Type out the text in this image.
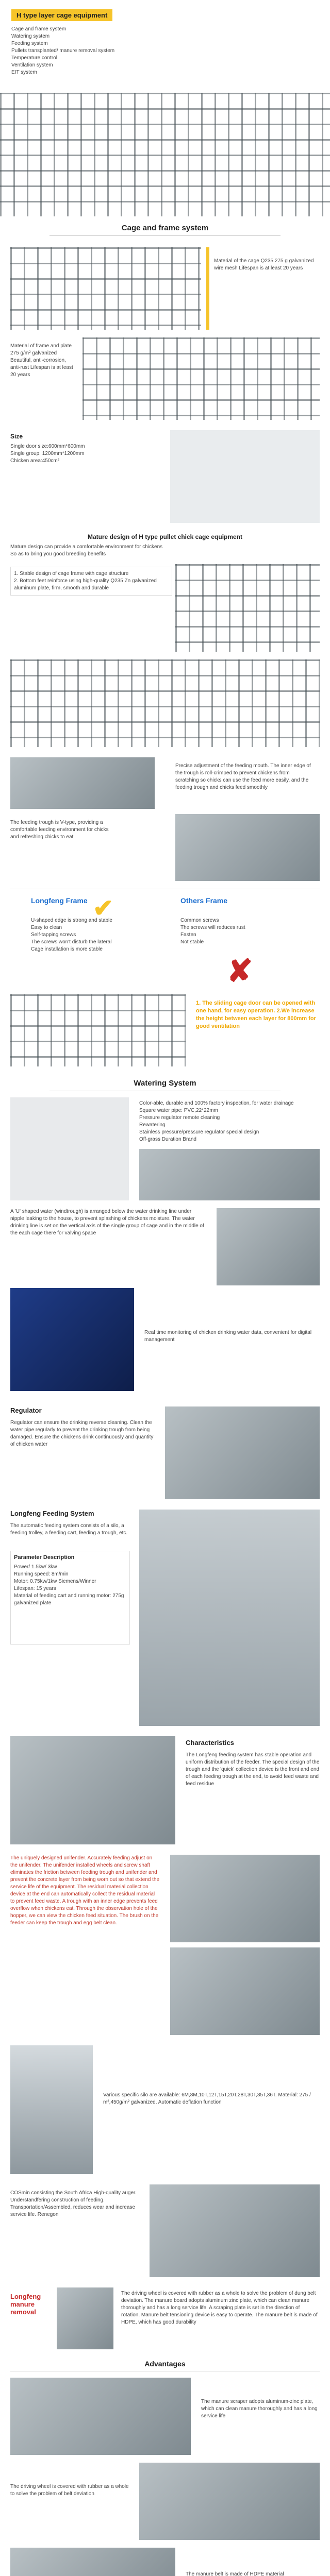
H type layer cage equipment
Cage and frame system
Watering system
Feeding system
Pullets transplanted/ manure removal system
Temperature control
Ventilation system
EIT system
Cage and frame system
Material of the cage Q235 275 g galvanized wire mesh Lifespan is at least 20 years
Material of frame and plate 275 g/m² galvanized Beautiful, anti-corrosion, anti-rust Lifespan is at least 20 years
Size
Single door size:600mm*600mm
Single group: 1200mm*1200mm
Chicken area:450cm²
Mature design of H type pullet chick cage equipment
Mature design can provide a comfortable environment for chickens
So as to bring you good breeding benefits
1. Stable design of cage frame with cage structure
2. Bottom feet reinforce using high-quality Q235 Zn galvanized aluminum plate, firm, smooth and durable
Precise adjustment of the feeding mouth. The inner edge of the trough is roll-crimped to prevent chickens from scratching so chicks can use the feed more easily, and the feeding trough and chicks feed smoothly
The feeding trough is V-type, providing a comfortable feeding environment for chicks and refreshing chicks to eat
Longfeng Frame ✔
U-shaped edge is strong and stable
Easy to clean
Self-tapping screws
The screws won't disturb the lateral
Cage installation is more stable
Others Frame
Common screws
The screws will reduces rust
Fasten
Not stable
✘
1. The sliding cage door can be opened with one hand, for easy operation. 2.We increase the height between each layer for 800mm for good ventilation
Watering System
Color-able, durable and 100% factory inspection, for water drainage
Square water pipe: PVC,22*22mm
Pressure regulator remote cleaning
Rewatering
Stainless pressure/pressure regulator special design
Off-grass Duration Brand
A 'U' shaped water (windtrough) is arranged below the water drinking line under nipple leaking to the house, to prevent splashing of chickens moisture. The water drinking line is set on the vertical axis of the single group of cage and in the middle of the each cage there for valving space
Real time monitoring of chicken drinking water data, convenient for digital management
Regulator
Regulator can ensure the drinking reverse cleaning. Clean the water pipe regularly to prevent the drinking trough from being damaged. Ensure the chickens drink continuously and quantity of chicken water
Longfeng Feeding System
The automatic feeding system consists of a silo, a feeding trolley, a feeding cart, feeding a trough, etc.
Parameter Description
Power/ 1.5kw/ 3kw
Running speed: 8m/min
Motor: 0.75kw/1kw Siemens/Winner
Lifespan: 15 years
Material of feeding cart and running motor: 275g galvanized plate
Characteristics
The Longfeng feeding system has stable operation and uniform distribution of the feeder. The special design of the trough and the 'quick' collection device is the front and end of each feeding trough at the end, to avoid feed waste and feed residue
The uniquely designed unifender. Accurately feeding adjust on the unifender. The unifender installed wheels and screw shaft eliminates the friction between feeding trough and unifender and prevent the concrete layer from being worn out so that extend the service life of the equipment. The residual material collection device at the end can automatically collect the residual material to prevent feed waste. A trough with an inner edge prevents feed overflow when chickens eat. Through the observation hole of the hopper, we can view the chicken feed situation. The brush on the feeder can keep the trough and egg belt clean.
Various specific silo are available: 6M,8M,10T,12T,15T,20T,28T,30T,35T,36T. Material: 275 / m²,450g/m² galvanized. Automatic deflation function
COSmin consisting the South Africa High-quality auger. Understandfering construction of feeding. Transportation/Assembled, reduces wear and increase service life. Renegon
Longfeng manure removal
The driving wheel is covered with rubber as a whole to solve the problem of dung belt deviation. The manure board adopts aluminum zinc plate, which can clean manure thoroughly and has a long service life. A scraping plate is set in the direction of rotation. Manure belt tensioning device is easy to operate. The manure belt is made of HDPE, which has good durability
Advantages
The manure scraper adopts aluminum-zinc plate, which can clean manure thoroughly and has a long service life
The driving wheel is covered with rubber as a whole to solve the problem of belt deviation
The manure belt is made of HDPE material
